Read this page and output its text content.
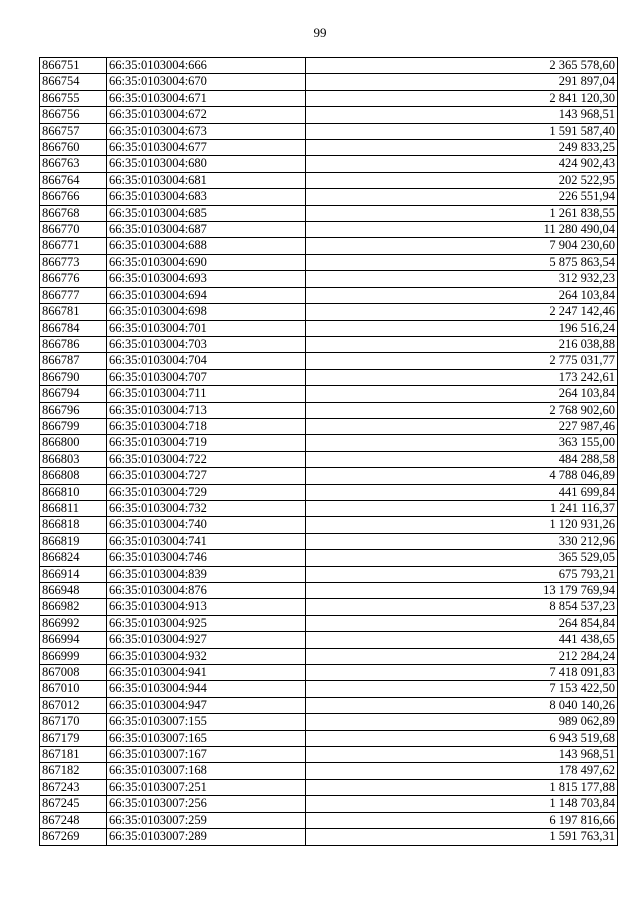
99
866751	66:35:0103004:666	2 365 578,60
866754	66:35:0103004:670	291 897,04
866755	66:35:0103004:671	2 841 120,30
866756	66:35:0103004:672	143 968,51
866757	66:35:0103004:673	1 591 587,40
866760	66:35:0103004:677	249 833,25
866763	66:35:0103004:680	424 902,43
866764	66:35:0103004:681	202 522,95
866766	66:35:0103004:683	226 551,94
866768	66:35:0103004:685	1 261 838,55
866770	66:35:0103004:687	11 280 490,04
866771	66:35:0103004:688	7 904 230,60
866773	66:35:0103004:690	5 875 863,54
866776	66:35:0103004:693	312 932,23
866777	66:35:0103004:694	264 103,84
866781	66:35:0103004:698	2 247 142,46
866784	66:35:0103004:701	196 516,24
866786	66:35:0103004:703	216 038,88
866787	66:35:0103004:704	2 775 031,77
866790	66:35:0103004:707	173 242,61
866794	66:35:0103004:711	264 103,84
866796	66:35:0103004:713	2 768 902,60
866799	66:35:0103004:718	227 987,46
866800	66:35:0103004:719	363 155,00
866803	66:35:0103004:722	484 288,58
866808	66:35:0103004:727	4 788 046,89
866810	66:35:0103004:729	441 699,84
866811	66:35:0103004:732	1 241 116,37
866818	66:35:0103004:740	1 120 931,26
866819	66:35:0103004:741	330 212,96
866824	66:35:0103004:746	365 529,05
866914	66:35:0103004:839	675 793,21
866948	66:35:0103004:876	13 179 769,94
866982	66:35:0103004:913	8 854 537,23
866992	66:35:0103004:925	264 854,84
866994	66:35:0103004:927	441 438,65
866999	66:35:0103004:932	212 284,24
867008	66:35:0103004:941	7 418 091,83
867010	66:35:0103004:944	7 153 422,50
867012	66:35:0103004:947	8 040 140,26
867170	66:35:0103007:155	989 062,89
867179	66:35:0103007:165	6 943 519,68
867181	66:35:0103007:167	143 968,51
867182	66:35:0103007:168	178 497,62
867243	66:35:0103007:251	1 815 177,88
867245	66:35:0103007:256	1 148 703,84
867248	66:35:0103007:259	6 197 816,66
867269	66:35:0103007:289	1 591 763,31
